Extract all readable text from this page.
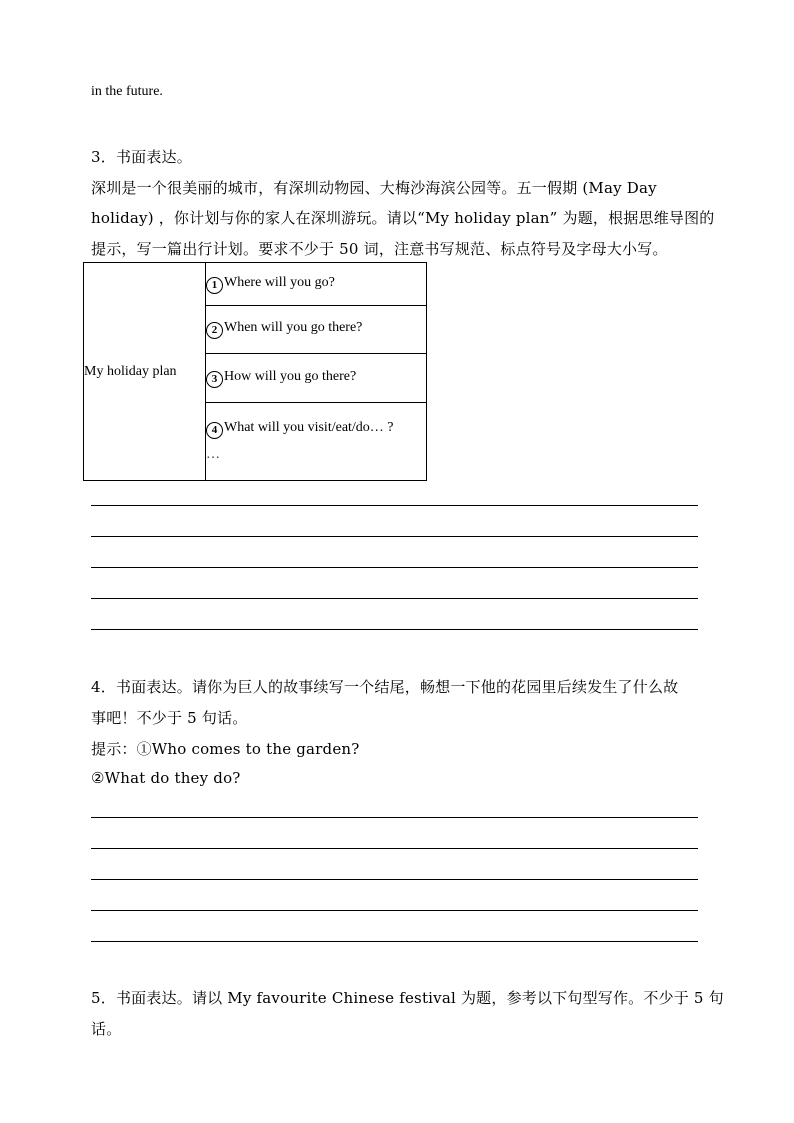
in the future.
3．书面表达。
深圳是一个很美丽的城市，有深圳动物园、大梅沙海滨公园等。五一假期 (May Day
holiday) ，你计划与你的家人在深圳游玩。请以“My holiday plan” 为题，根据思维导图的
提示，写一篇出行计划。要求不少于 50 词，注意书写规范、标点符号及字母大小写。
My holiday plan	1 Where will you go?
2 When will you go there?
3 How will you go there?
4 What will you visit/eat/do… ?
…
4．书面表达。请你为巨人的故事续写一个结尾，畅想一下他的花园里后续发生了什么故
事吧！不少于 5 句话。
提示：①Who comes to the garden?
②What do they do?
5．书面表达。请以 My favourite Chinese festival 为题，参考以下句型写作。不少于 5 句
话。
